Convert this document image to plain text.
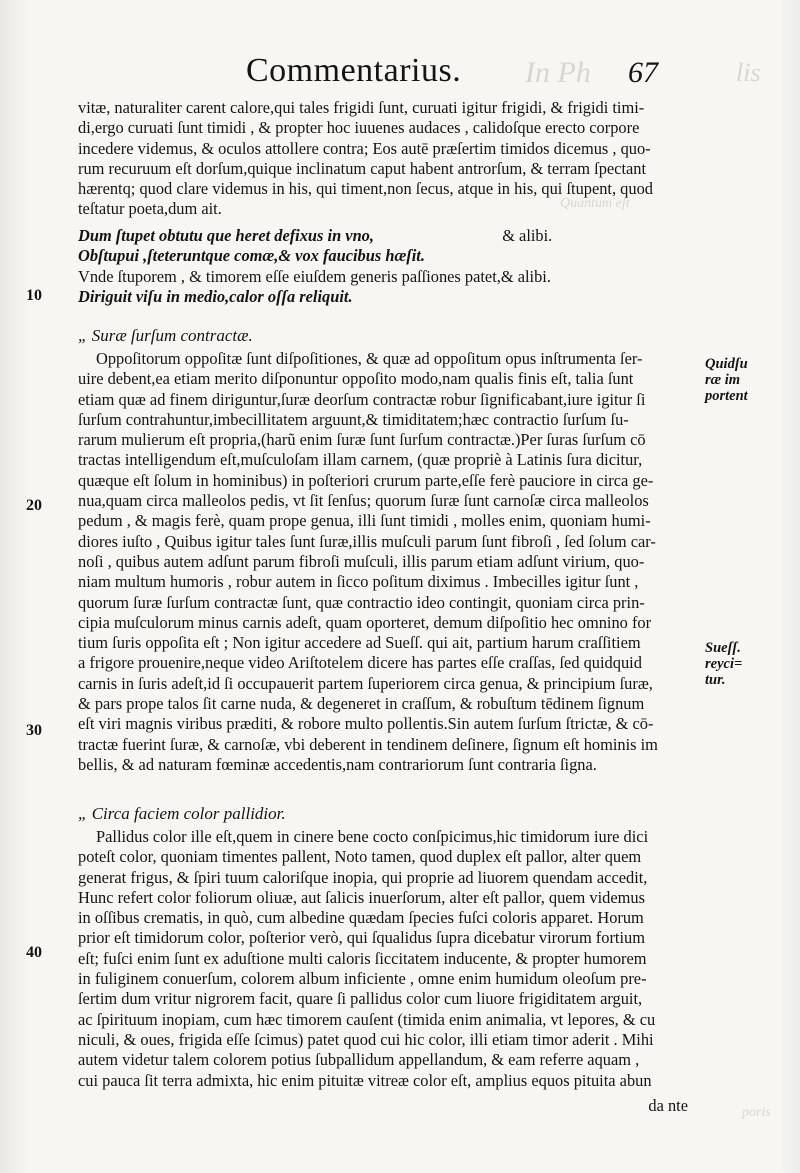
In Ph	lis
Quantum eſt
poris
Commentarius.	67
vitæ, naturaliter carent calore,qui tales frigidi ſunt, curuati igitur frigidi, & frigidi timi-
di,ergo curuati ſunt timidi , & propter hoc iuuenes audaces , calidoſque erecto corpore
incedere videmus, & oculos attollere contra; Eos autē præſertim timidos dicemus , quo-
rum recuruum eſt dorſum,quique inclinatum caput habent antrorſum, & terram ſpectant
hærentq; quod clare videmus in his, qui timent,non ſecus, atque in his, qui ſtupent, quod
teſtatur poeta,dum ait.
Dum ſtupet obtutu que heret defixus in vno,	& alibi.
Obſtupui ,ſteteruntque comæ,& vox faucibus hæſit.
Vnde ſtuporem , & timorem eſſe eiuſdem generis paſſiones patet,& alibi.
Diriguit viſu in medio,calor oſſa reliquit.
10
„ Suræ ſurſum contractæ.
Oppoſitorum oppoſitæ ſunt diſpoſitiones, & quæ ad oppoſitum opus inſtrumenta ſer-
uire debent,ea etiam merito diſponuntur oppoſito modo,nam qualis finis eſt, talia ſunt
etiam quæ ad finem diriguntur,ſuræ deorſum contractæ robur ſignificabant,iure igitur ſi
ſurſum contrahuntur,imbecillitatem arguunt,& timiditatem;hæc contractio ſurſum ſu-
rarum mulierum eſt propria,(harũ enim ſuræ ſunt ſurſum contractæ.)Per ſuras ſurſum cō
tractas intelligendum eſt,muſculoſam illam carnem, (quæ propriè à Latinis ſura dicitur,
quæque eſt ſolum in hominibus) in poſteriori crurum parte,eſſe ferè pauciore in circa ge-
nua,quam circa malleolos pedis, vt ſit ſenſus; quorum ſuræ ſunt carnoſæ circa malleolos
pedum , & magis ferè, quam prope genua, illi ſunt timidi , molles enim, quoniam humi-
diores iuſto , Quibus igitur tales ſunt ſuræ,illis muſculi parum ſunt fibroſi , ſed ſolum car-
noſi , quibus autem adſunt parum fibroſi muſculi, illis parum etiam adſunt virium, quo-
niam multum humoris , robur autem in ſicco poſitum diximus . Imbecilles igitur ſunt ,
quorum ſuræ ſurſum contractæ ſunt, quæ contractio ideo contingit, quoniam circa prin-
cipia muſculorum minus carnis adeſt, quam oporteret, demum diſpoſitio hec omnino for
tium ſuris oppoſita eſt ; Non igitur accedere ad Sueſſ. qui ait, partium harum craſſitiem
a frigore prouenire,neque video Ariſtotelem dicere has partes eſſe craſſas, ſed quidquid
carnis in ſuris adeſt,id ſi occupauerit partem ſuperiorem circa genua, & principium ſuræ,
& pars prope talos ſit carne nuda, & degeneret in craſſum, & robuſtum tēdinem ſignum
eſt viri magnis viribus præditi, & robore multo pollentis.Sin autem ſurſum ſtrictæ, & cō-
tractæ fuerint ſuræ, & carnoſæ, vbi deberent in tendinem deſinere, ſignum eſt hominis im
bellis, & ad naturam fœminæ accedentis,nam contrariorum ſunt contraria ſigna.
20
30
Quidſu
ræ im
portent
Sueſſ.
reyci=
tur.
„ Circa faciem color pallidior.
Pallidus color ille eſt,quem in cinere bene cocto conſpicimus,hic timidorum iure dici
poteſt color, quoniam timentes pallent, Noto tamen, quod duplex eſt pallor, alter quem
generat frigus, & ſpiri tuum caloriſque inopia, qui proprie ad liuorem quendam accedit,
Hunc refert color foliorum oliuæ, aut ſalicis inuerſorum, alter eſt pallor, quem videmus
in oſſibus crematis, in quò, cum albedine quædam ſpecies fuſci coloris apparet. Horum
prior eſt timidorum color, poſterior verò, qui ſqualidus ſupra dicebatur virorum fortium
eſt; fuſci enim ſunt ex aduſtione multi caloris ſiccitatem inducente, & propter humorem
in fuliginem conuerſum, colorem album inficiente , omne enim humidum oleoſum pre-
ſertim dum vritur nigrorem facit, quare ſi pallidus color cum liuore frigiditatem arguit,
ac ſpirituum inopiam, cum hæc timorem cauſent (timida enim animalia, vt lepores, & cu
niculi, & oues, frigida eſſe ſcimus) patet quod cui hic color, illi etiam timor aderit . Mihi
autem videtur talem colorem potius ſubpallidum appellandum, & eam referre aquam ,
cui pauca ſit terra admixta, hic enim pituitæ vitreæ color eſt, amplius equos pituita abun
40
da nte
